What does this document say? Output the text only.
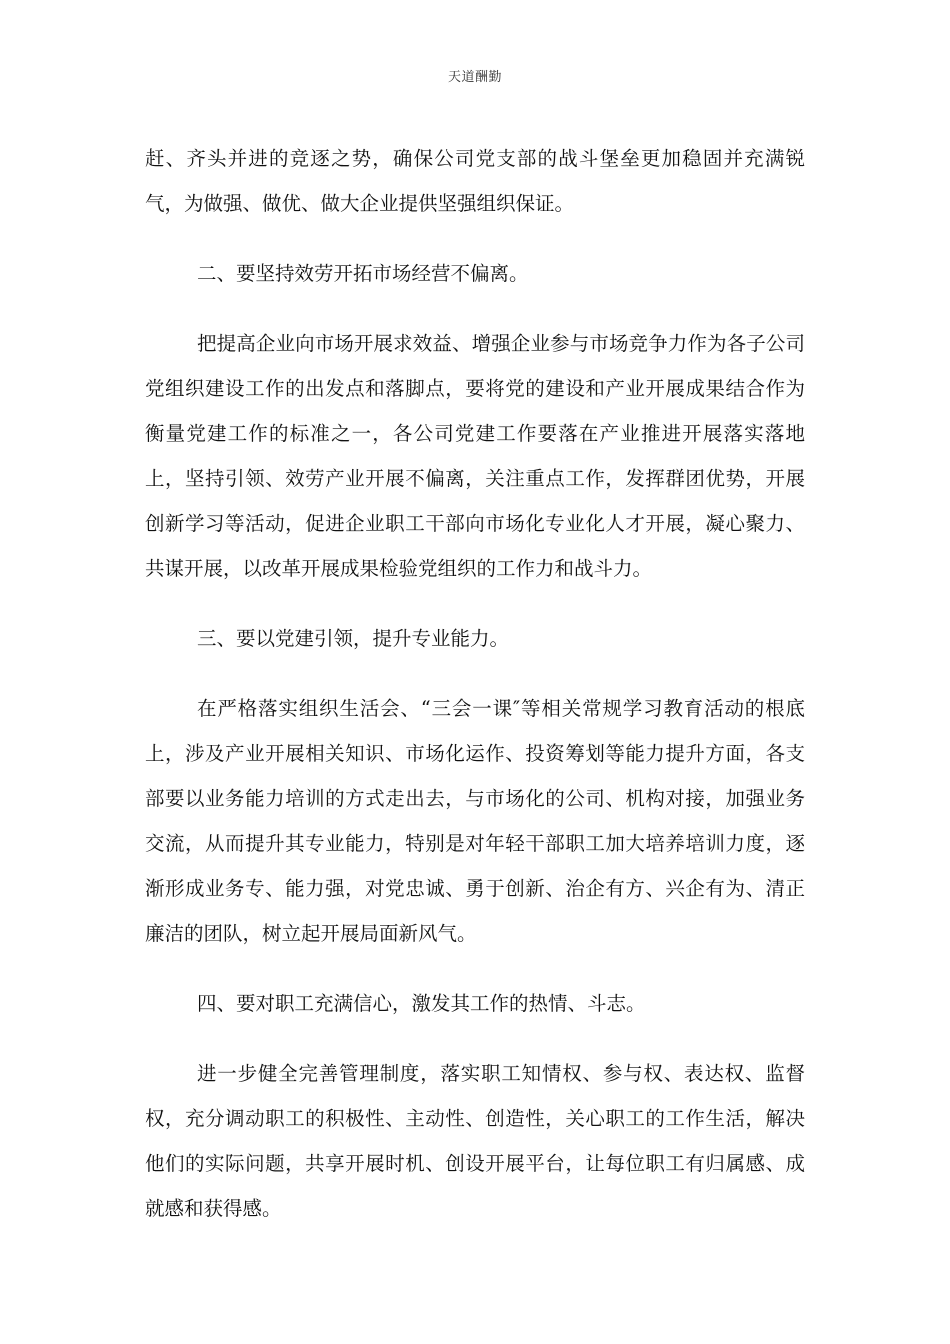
天道酬勤

赶、齐头并进的竞逐之势，确保公司党支部的战斗堡垒更加稳固并充满锐气，为做强、做优、做大企业提供坚强组织保证。

二、要坚持效劳开拓市场经营不偏离。

把提高企业向市场开展求效益、增强企业参与市场竞争力作为各子公司党组织建设工作的出发点和落脚点，要将党的建设和产业开展成果结合作为衡量党建工作的标准之一，各公司党建工作要落在产业推进开展落实落地上，坚持引领、效劳产业开展不偏离，关注重点工作，发挥群团优势，开展创新学习等活动，促进企业职工干部向市场化专业化人才开展，凝心聚力、共谋开展，以改革开展成果检验党组织的工作力和战斗力。

三、要以党建引领，提升专业能力。

在严格落实组织生活会、“三会一课″等相关常规学习教育活动的根底上，涉及产业开展相关知识、市场化运作、投资筹划等能力提升方面，各支部要以业务能力培训的方式走出去，与市场化的公司、机构对接，加强业务交流，从而提升其专业能力，特别是对年轻干部职工加大培养培训力度，逐渐形成业务专、能力强，对党忠诚、勇于创新、治企有方、兴企有为、清正廉洁的团队，树立起开展局面新风气。

四、要对职工充满信心，激发其工作的热情、斗志。

进一步健全完善管理制度，落实职工知情权、参与权、表达权、监督权，充分调动职工的积极性、主动性、创造性，关心职工的工作生活，解决他们的实际问题，共享开展时机、创设开展平台，让每位职工有归属感、成就感和获得感。
